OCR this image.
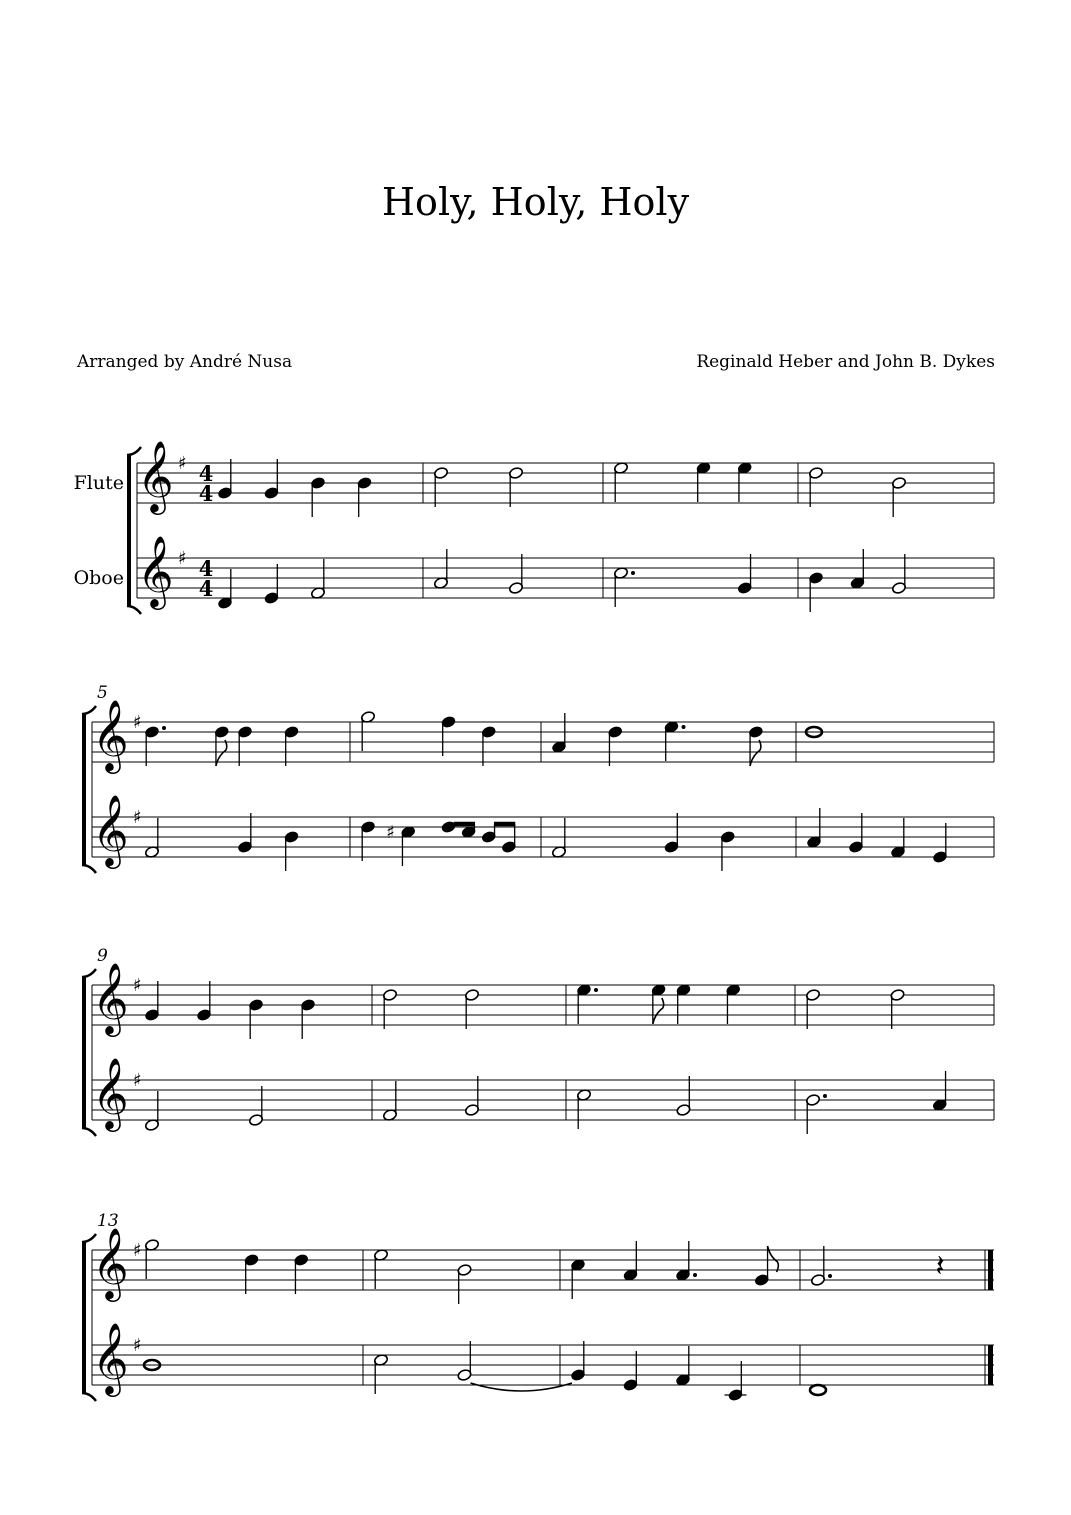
Holy, Holy, Holy
Arranged by André Nusa	Reginald Heber and John B. Dykes
Flute
Oboe
𝄞 ♯ 4
4
𝄞 ♯ 4
4
5
𝄞 ♯
𝄞 ♯
♯
9
𝄞 ♯
𝄞 ♯
13
𝄞 ♯
𝄞 ♯
𝄽
